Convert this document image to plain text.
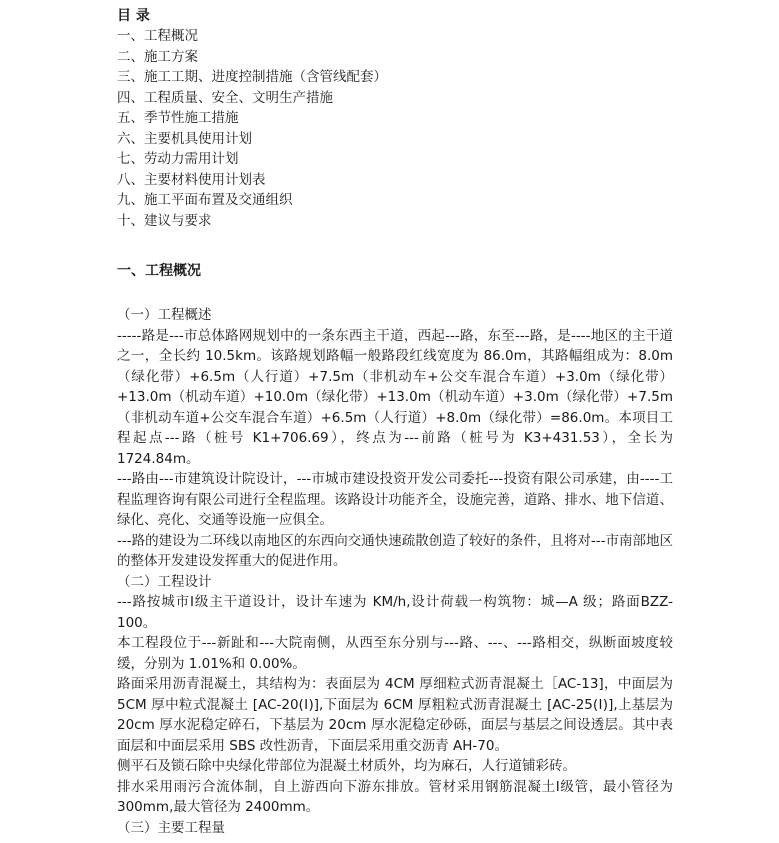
目 录
一、工程概况
二、施工方案
三、施工工期、进度控制措施（含管线配套）
四、工程质量、安全、文明生产措施
五、季节性施工措施
六、主要机具使用计划
七、劳动力需用计划
八、主要材料使用计划表
九、施工平面布置及交通组织
十、建议与要求
一、工程概况
（一）工程概述

-----路是---市总体路网规划中的一条东西主干道，西起---路，东至---路，是----地区的主干道之一，全长约 10.5km。该路规划路幅一般路段红线宽度为 86.0m，其路幅组成为：8.0m（绿化带）+6.5m（人行道）+7.5m（非机动车+公交车混合车道）+3.0m（绿化带）+13.0m（机动车道）+10.0m（绿化带）+13.0m（机动车道）+3.0m（绿化带）+7.5m（非机动车道+公交车混合车道）+6.5m（人行道）+8.0m（绿化带）=86.0m。本项目工程起点---路（桩号 K1+706.69），终点为---前路（桩号为 K3+431.53），全长为 1724.84m。

---路由---市建筑设计院设计，---市城市建设投资开发公司委托---投资有限公司承建，由----工程监理咨询有限公司进行全程监理。该路设计功能齐全，设施完善，道路、排水、地下信道、绿化、亮化、交通等设施一应俱全。

---路的建设为二环线以南地区的东西向交通快速疏散创造了较好的条件，且将对---市南部地区的整体开发建设发挥重大的促进作用。

（二）工程设计

---路按城市Ⅰ级主干道设计，设计车速为 KM/h,设计荷载一构筑物：城—A 级；路面BZZ-100。

本工程段位于---新趾和---大院南侧，从西至东分别与---路、---、---路相交，纵断面坡度较缓，分别为 1.01%和 0.00%。

路面采用沥青混凝土，其结构为：表面层为 4CM 厚细粒式沥青混凝土［AC-13]，中面层为 5CM 厚中粒式混凝土 [AC-20(Ⅰ)],下面层为 6CM 厚粗粒式沥青混凝土 [AC-25(Ⅰ)],上基层为 20cm 厚水泥稳定碎石，下基层为 20cm 厚水泥稳定砂砾，面层与基层之间设透层。其中表面层和中面层采用 SBS 改性沥青，下面层采用重交沥青 AH-70。

侧平石及锁石除中央绿化带部位为混凝土材质外，均为麻石，人行道铺彩砖。

排水采用雨污合流体制，自上游西向下游东排放。管材采用钢筋混凝土Ⅰ级管，最小管径为 300mm,最大管径为 2400mm。

（三）主要工程量
